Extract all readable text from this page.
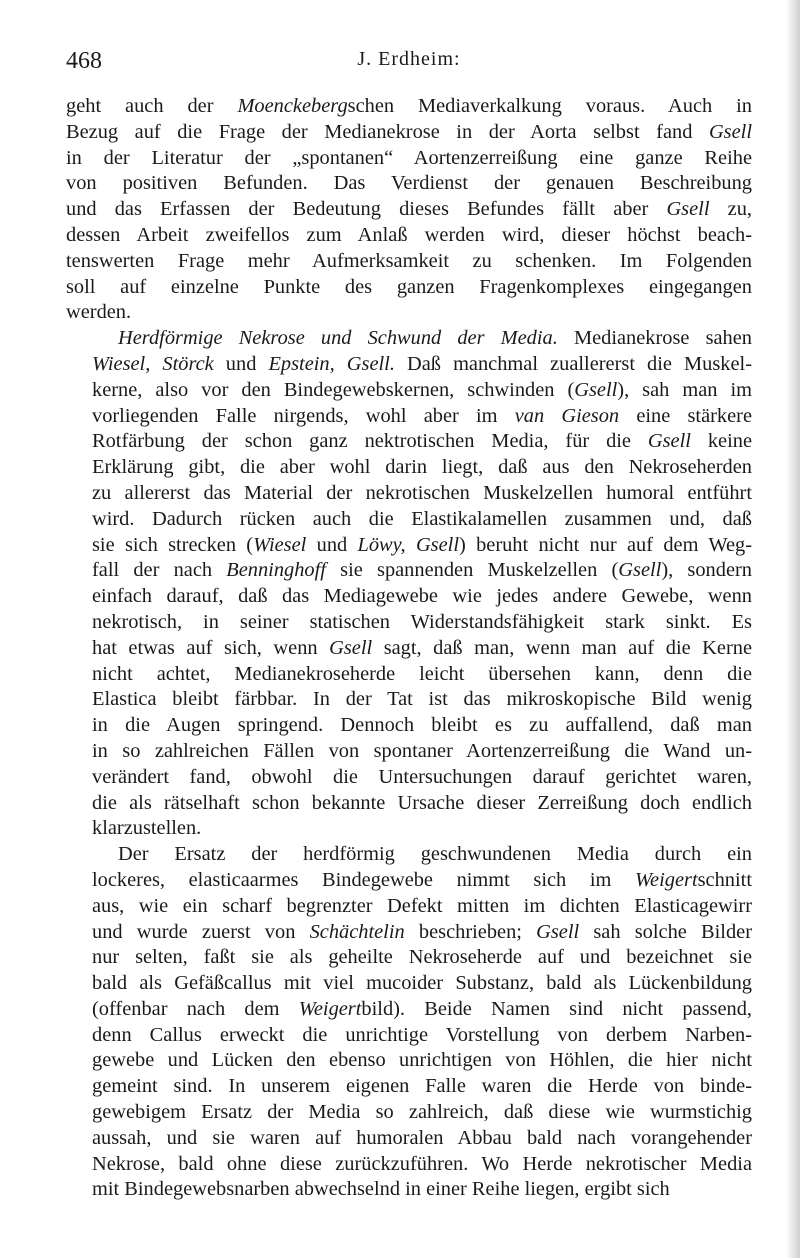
468	J. Erdheim:
geht auch der Moenckebergschen Mediaverkalkung voraus. Auch in
Bezug auf die Frage der Medianekrose in der Aorta selbst fand Gsell
in der Literatur der „spontanen“ Aortenzerreißung eine ganze Reihe
von positiven Befunden. Das Verdienst der genauen Beschreibung
und das Erfassen der Bedeutung dieses Befundes fällt aber Gsell zu,
dessen Arbeit zweifellos zum Anlaß werden wird, dieser höchst beach-
tenswerten Frage mehr Aufmerksamkeit zu schenken. Im Folgenden
soll auf einzelne Punkte des ganzen Fragenkomplexes eingegangen
werden.
Herdförmige Nekrose und Schwund der Media. Medianekrose sahen
Wiesel, Störck und Epstein, Gsell. Daß manchmal zuallererst die Muskel-
kerne, also vor den Bindegewebskernen, schwinden (Gsell), sah man im
vorliegenden Falle nirgends, wohl aber im van Gieson eine stärkere
Rotfärbung der schon ganz nektrotischen Media, für die Gsell keine
Erklärung gibt, die aber wohl darin liegt, daß aus den Nekroseherden
zu allererst das Material der nekrotischen Muskelzellen humoral entführt
wird. Dadurch rücken auch die Elastikalamellen zusammen und, daß
sie sich strecken (Wiesel und Löwy, Gsell) beruht nicht nur auf dem Weg-
fall der nach Benninghoff sie spannenden Muskelzellen (Gsell), sondern
einfach darauf, daß das Mediagewebe wie jedes andere Gewebe, wenn
nekrotisch, in seiner statischen Widerstandsfähigkeit stark sinkt. Es
hat etwas auf sich, wenn Gsell sagt, daß man, wenn man auf die Kerne
nicht achtet, Medianekroseherde leicht übersehen kann, denn die
Elastica bleibt färbbar. In der Tat ist das mikroskopische Bild wenig
in die Augen springend. Dennoch bleibt es zu auffallend, daß man
in so zahlreichen Fällen von spontaner Aortenzerreißung die Wand un-
verändert fand, obwohl die Untersuchungen darauf gerichtet waren,
die als rätselhaft schon bekannte Ursache dieser Zerreißung doch endlich
klarzustellen.
Der Ersatz der herdförmig geschwundenen Media durch ein
lockeres, elasticaarmes Bindegewebe nimmt sich im Weigertschnitt
aus, wie ein scharf begrenzter Defekt mitten im dichten Elasticagewirr
und wurde zuerst von Schächtelin beschrieben; Gsell sah solche Bilder
nur selten, faßt sie als geheilte Nekroseherde auf und bezeichnet sie
bald als Gefäßcallus mit viel mucoider Substanz, bald als Lückenbildung
(offenbar nach dem Weigertbild). Beide Namen sind nicht passend,
denn Callus erweckt die unrichtige Vorstellung von derbem Narben-
gewebe und Lücken den ebenso unrichtigen von Höhlen, die hier nicht
gemeint sind. In unserem eigenen Falle waren die Herde von binde-
gewebigem Ersatz der Media so zahlreich, daß diese wie wurmstichig
aussah, und sie waren auf humoralen Abbau bald nach vorangehender
Nekrose, bald ohne diese zurückzuführen. Wo Herde nekrotischer Media
mit Bindegewebsnarben abwechselnd in einer Reihe liegen, ergibt sich
